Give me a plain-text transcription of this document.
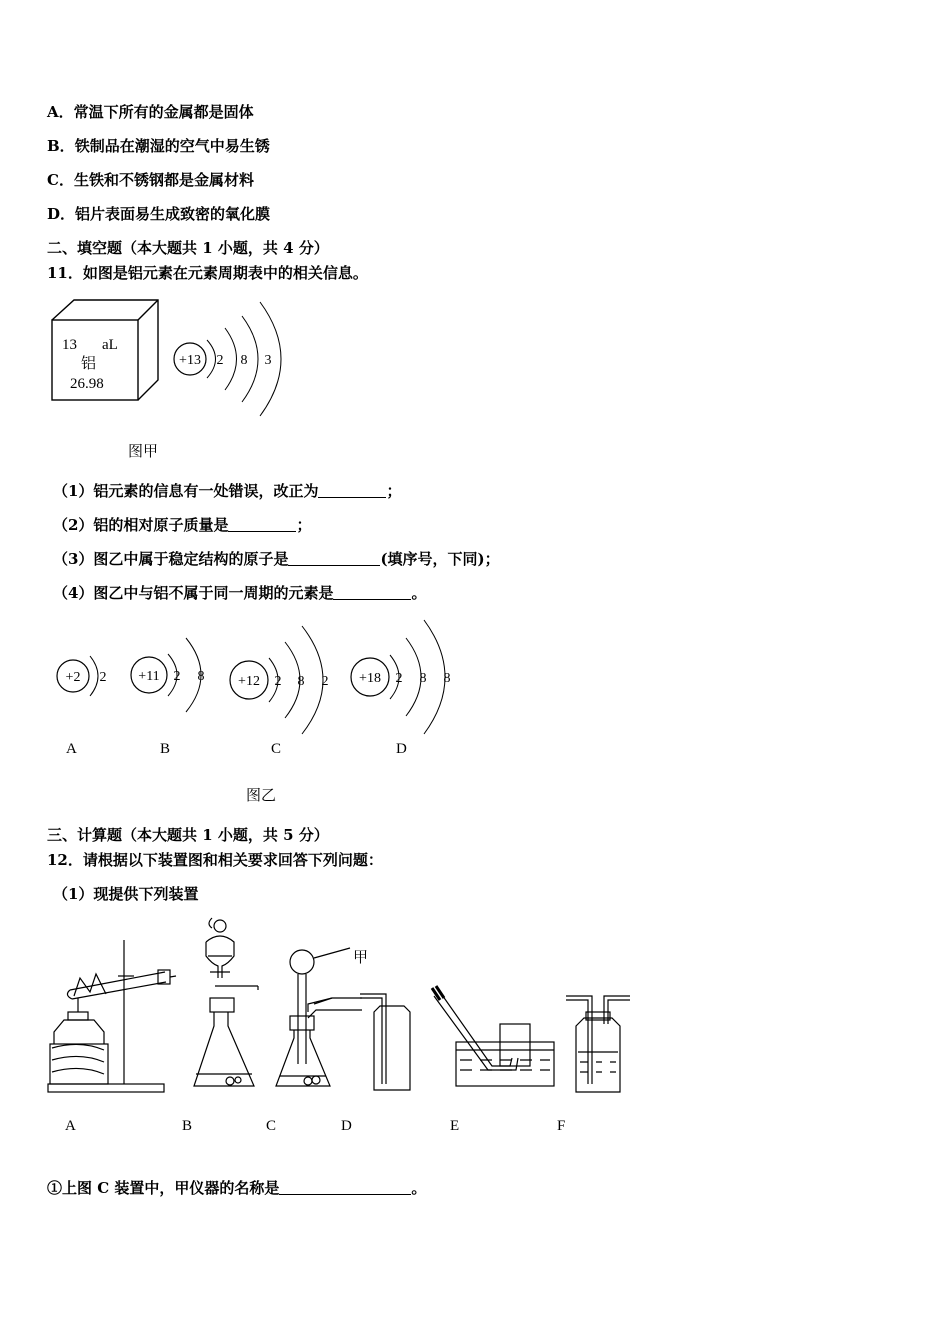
A．常温下所有的金属都是固体
B．铁制品在潮湿的空气中易生锈
C．生铁和不锈钢都是金属材料
D．铝片表面易生成致密的氧化膜
二、填空题（本大题共 1 小题，共 4 分）
11．如图是铝元素在元素周期表中的相关信息。
13 aL
铝
26.98
+13 2 8 3
图甲
（1）铝元素的信息有一处错误，改正为	；
（2）铝的相对原子质量是	；
（3）图乙中属于稳定结构的原子是	(填序号，下同)；
（4）图乙中与铝不属于同一周期的元素是	。
+2 2 +11 2 8 +12 2 8 2 +18 2 8 8
A	B	C	D
图乙
三、计算题（本大题共 1 小题，共 5 分）
12．请根据以下装置图和相关要求回答下列问题：
（1）现提供下列装置
甲
A	B	C	D	E	F
①上图 C 装置中，甲仪器的名称是	。
